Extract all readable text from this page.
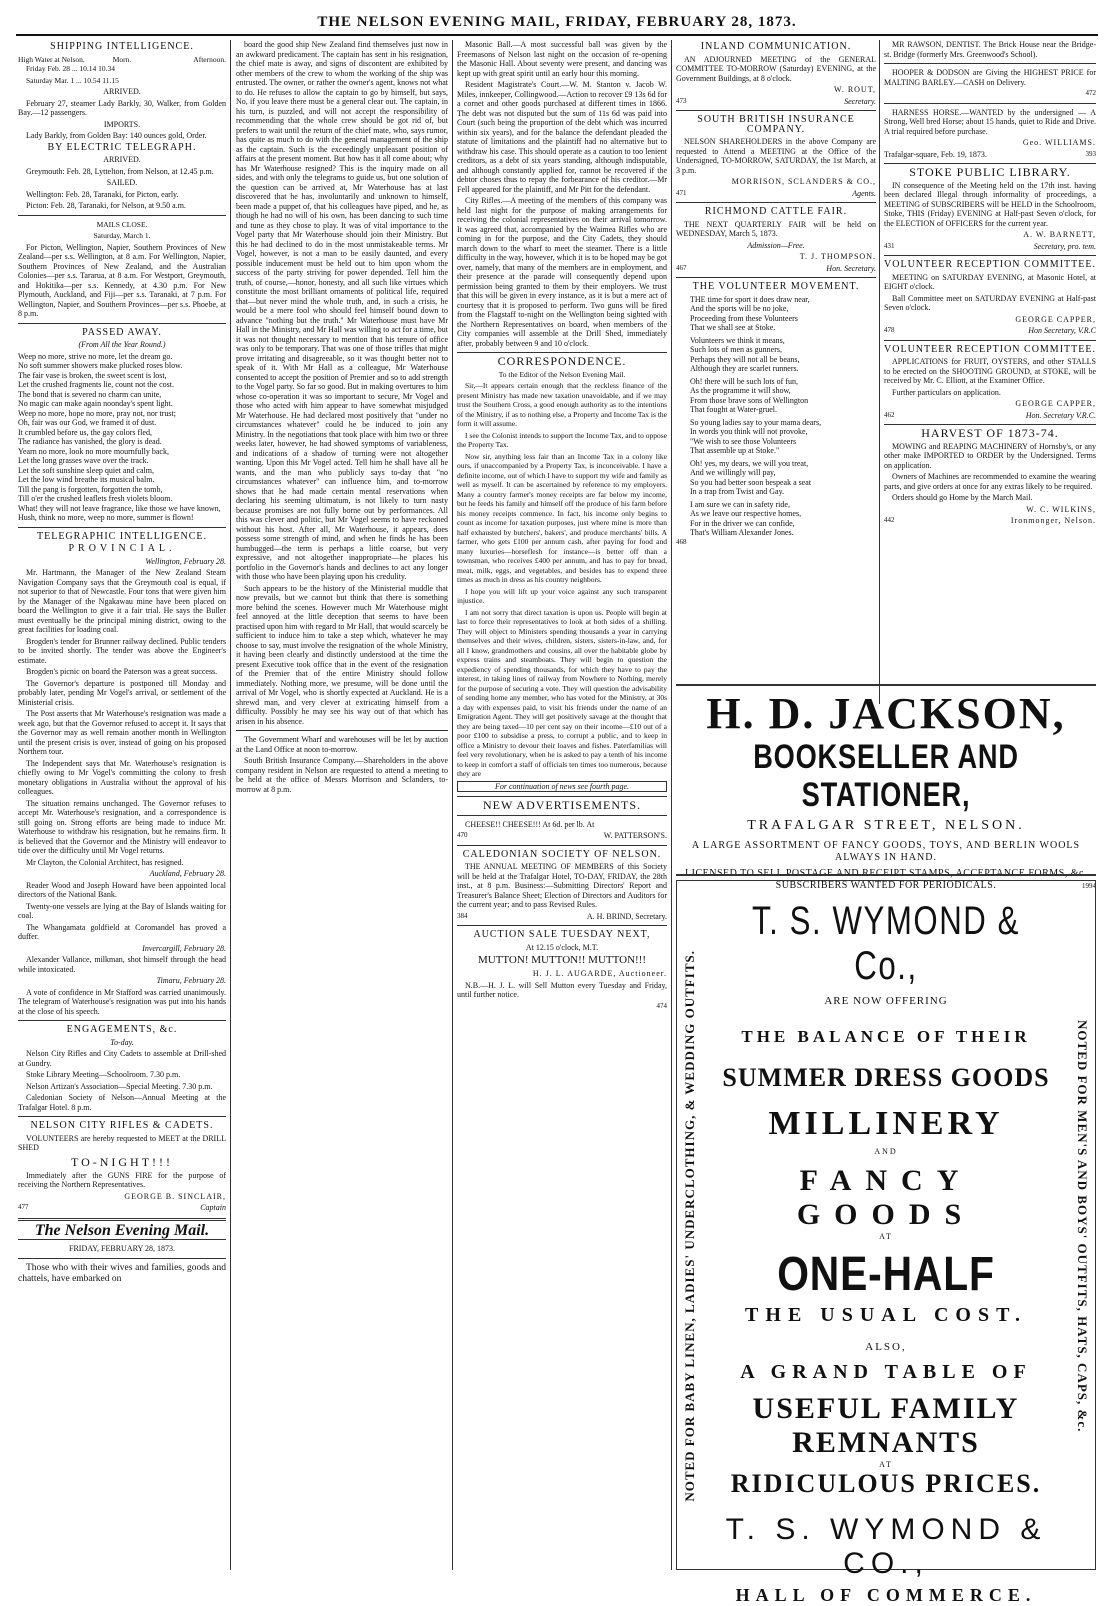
THE NELSON EVENING MAIL, FRIDAY, FEBRUARY 28, 1873.
SHIPPING INTELLIGENCE.
High Water at Nelson.	Morn.	Afternoon.

Friday Feb. 28 ... 10.14 10.34

Saturday Mar. 1 ... 10.54 11.15

ARRIVED.

February 27, steamer Lady Barkly, 30, Walker, from Golden Bay.—12 passengers.

IMPORTS.

Lady Barkly, from Golden Bay: 140 ounces gold, Order.

BY ELECTRIC TELEGRAPH.

ARRIVED.

Greymouth: Feb. 28, Lyttelton, from Nelson, at 12.45 p.m.

SAILED.

Wellington: Feb. 28, Taranaki, for Picton, early.

Picton: Feb. 28, Taranaki, for Nelson, at 9.50 a.m.

MAILS CLOSE.

Saturday, March 1.

For Picton, Wellington, Napier, Southern Provinces of New Zealand—per s.s. Wellington, at 8 a.m. For Wellington, Napier, Southern Provinces of New Zealand, and the Australian Colonies—per s.s. Tararua, at 8 a.m. For Westport, Greymouth, and Hokitika—per s.s. Kennedy, at 4.30 p.m. For New Plymouth, Auckland, and Fiji—per s.s. Taranaki, at 7 p.m. For Wellington, Napier, and Southern Provinces—per s.s. Phoebe, at 8 p.m.

PASSED AWAY.

(From All the Year Round.)

Weep no more, strive no more, let the dream go.

No soft summer showers make plucked roses blow.

The fair vase is broken, the sweet scent is lost,

Let the crushed fragments lie, count not the cost.

The bond that is severed no charm can unite,

No magic can make again noonday's spent light.

Weep no more, hope no more, pray not, nor trust;

Oh, fair was our God, we framed it of dust.

It crumbled before us, the gay colors fled,

The radiance has vanished, the glory is dead.

Yearn no more, look no more mournfully back,

Let the long grasses wave over the track.

Let the soft sunshine sleep quiet and calm,

Let the low wind breathe its musical balm.

Till the pang is forgotten, forgotten the tomb,

Till o'er the crushed leaflets fresh violets bloom.

What! they will not leave fragrance, like those we have known,

Hush, think no more, weep no more, summer is flown!

TELEGRAPHIC INTELLIGENCE.
PROVINCIAL.

Wellington, February 28.

Mr. Hartmann, the Manager of the New Zealand Steam Navigation Company says that the Greymouth coal is equal, if not superior to that of Newcastle. Four tons that were given him by the Manager of the Ngakawau mine have been placed on board the Wellington to give it a fair trial. He says the Buller must eventually be the principal mining district, owing to the great facilities for loading coal.

Brogden's tender for Brunner railway declined. Public tenders to be invited shortly. The tender was above the Engineer's estimate.

Brogden's picnic on board the Paterson was a great success.

The Governor's departure is postponed till Monday and probably later, pending Mr Vogel's arrival, or settlement of the Ministerial crisis.

The Post asserts that Mr Waterhouse's resignation was made a week ago, but that the Governor refused to accept it. It says that the Governor may as well remain another month in Wellington until the present crisis is over, instead of going on his proposed Northern tour.

The Independent says that Mr. Waterhouse's resignation is chiefly owing to Mr Vogel's committing the colony to fresh monetary obligations in Australia without the approval of his colleagues.

The situation remains unchanged. The Governor refuses to accept Mr. Waterhouse's resignation, and a correspondence is still going on. Strong efforts are being made to induce Mr. Waterhouse to withdraw his resignation, but he remains firm. It is believed that the Governor and the Ministry will endeavor to tide over the difficulty until Mr Vogel returns.

Mr Clayton, the Colonial Architect, has resigned.

Auckland, February 28.

Reader Wood and Joseph Howard have been appointed local directors of the National Bank.

Twenty-one vessels are lying at the Bay of Islands waiting for coal.

The Whangamata goldfield at Coromandel has proved a duffer.

Invercargill, February 28.

Alexander Vallance, milkman, shot himself through the head while intoxicated.

Timaru, February 28.

A vote of confidence in Mr Stafford was carried unanimously. The telegram of Waterhouse's resignation was put into his hands at the close of his speech.

ENGAGEMENTS, &c.

To-day.

Nelson City Rifles and City Cadets to assemble at Drill-shed at Gundry.

Stoke Library Meeting—Schoolroom. 7.30 p.m.

Nelson Artizan's Association—Special Meeting. 7.30 p.m.

Caledonian Society of Nelson—Annual Meeting at the Trafalgar Hotel. 8 p.m.

NELSON CITY RIFLES & CADETS.

VOLUNTEERS are hereby requested to MEET at the DRILL SHED

TO-NIGHT!!!

Immediately after the GUNS FIRE for the purpose of receiving the Northern Representatives.

GEORGE B. SINCLAIR,

477	Captain
The Nelson Evening Mail.

FRIDAY, FEBRUARY 28, 1873.

Those who with their wives and families, goods and chattels, have embarked on

board the good ship New Zealand find themselves just now in an awkward predicament. The captain has sent in his resignation, the chief mate is away, and signs of discontent are exhibited by other members of the crew to whom the working of the ship was entrusted. The owner, or rather the owner's agent, knows not what to do. He refuses to allow the captain to go by himself, but says, No, if you leave there must be a general clear out. The captain, in his turn, is puzzled, and will not accept the responsibility of recommending that the whole crew should be got rid of, but prefers to wait until the return of the chief mate, who, says rumor, has quite as much to do with the general management of the ship as the captain. Such is the exceedingly unpleasant position of affairs at the present moment. But how has it all come about; why has Mr Waterhouse resigned? This is the inquiry made on all sides, and with only the telegrams to guide us, but one solution of the question can be arrived at, Mr Waterhouse has at last discovered that he has, involuntarily and unknown to himself, been made a puppet of, that his colleagues have piped, and he, as though he had no will of his own, has been dancing to such time and tune as they chose to play. It was of vital importance to the Vogel party that Mr Waterhouse should join their Ministry. But this he had declined to do in the most unmistakeable terms. Mr Vogel, however, is not a man to be easily daunted, and every possible inducement must be held out to him upon whom the success of the party striving for power depended. Tell him the truth, of course,—honor, honesty, and all such like virtues which constitute the most brilliant ornaments of political life, required that—but never mind the whole truth, and, in such a crisis, he would be a mere fool who should feel himself bound down to advance "nothing but the truth." Mr Waterhouse must have Mr Hall in the Ministry, and Mr Hall was willing to act for a time, but it was not thought necessary to mention that his tenure of office was only to be temporary. That was one of those trifles that might prove irritating and disagreeable, so it was thought better not to speak of it. With Mr Hall as a colleague, Mr Waterhouse consented to accept the position of Premier and so to add strength to the Vogel party. So far so good. But in making overtures to him whose co-operation it was so important to secure, Mr Vogel and those who acted with him appear to have somewhat misjudged Mr Waterhouse. He had declared most positively that "under no circumstances whatever" could he be induced to join any Ministry. In the negotiations that took place with him two or three weeks later, however, he had showed symptoms of variableness, and indications of a shadow of turning were not altogether wanting. Upon this Mr Vogel acted. Tell him he shall have all he wants, and the man who publicly says to-day that "no circumstances whatever" can influence him, and to-morrow shows that he had made certain mental reservations when declaring his seeming ultimatum, is not likely to turn nasty because promises are not fully borne out by performances. All this was clever and politic, but Mr Vogel seems to have reckoned without his host. After all, Mr Waterhouse, it appears, does possess some strength of mind, and when he finds he has been humbugged—the term is perhaps a little coarse, but very expressive, and not altogether inappropriate—he places his portfolio in the Governor's hands and declines to act any longer with those who have been playing upon his credulity.

Such appears to be the history of the Ministerial muddle that now prevails, but we cannot but think that there is something more behind the scenes. However much Mr Waterhouse might feel annoyed at the little deception that seems to have been practised upon him with regard to Mr Hall, that would scarcely be sufficient to induce him to take a step which, whatever he may choose to say, must involve the resignation of the whole Ministry, it having been clearly and distinctly understood at the time the present Executive took office that in the event of the resignation of the Premier that of the entire Ministry should follow immediately. Nothing more, we presume, will be done until the arrival of Mr Vogel, who is shortly expected at Auckland. He is a shrewd man, and very clever at extricating himself from a difficulty. Possibly he may see his way out of that which has arisen in his absence.

The Government Wharf and warehouses will be let by auction at the Land Office at noon to-morrow.

South British Insurance Company.—Shareholders in the above company resident in Nelson are requested to attend a meeting to be held at the office of Messrs Morrison and Sclanders, to-morrow at 8 p.m.

Masonic Ball.—A most successful ball was given by the Freemasons of Nelson last night on the occasion of re-opening the Masonic Hall. About seventy were present, and dancing was kept up with great spirit until an early hour this morning.

Resident Magistrate's Court.—W. M. Stanton v. Jacob W. Miles, innkeeper, Collingwood.—Action to recover £9 13s 6d for a cornet and other goods purchased at different times in 1866. The debt was not disputed but the sum of 11s 6d was paid into Court (such being the proportion of the debt which was incurred within six years), and for the balance the defendant pleaded the statute of limitations and the plaintiff had no alternative but to withdraw his case. This should operate as a caution to too lenient creditors, as a debt of six years standing, although indisputable, and although constantly applied for, cannot be recovered if the debtor choses thus to repay the forbearance of his creditor.—Mr Fell appeared for the plaintiff, and Mr Pitt for the defendant.

City Rifles.—A meeting of the members of this company was held last night for the purpose of making arrangements for receiving the colonial representatives on their arrival tomorrow. It was agreed that, accompanied by the Waimea Rifles who are coming in for the purpose, and the City Cadets, they should march down to the wharf to meet the steamer. There is a little difficulty in the way, however, which it is to be hoped may be got over, namely, that many of the members are in employment, and their presence at the parade will consequently depend upon permission being granted to them by their employers. We trust that this will be given in every instance, as it is but a mere act of courtesy that it is proposed to perform. Two guns will be fired from the Flagstaff to-night on the Wellington being sighted with the Northern Representatives on board, when members of the City companies will assemble at the Drill Shed, immediately after, probably between 9 and 10 o'clock.

CORRESPONDENCE.

To the Editor of the Nelson Evening Mail.

Sir,—It appears certain enough that the reckless finance of the present Ministry has made new taxation unavoidable, and if we may trust the Southern Cross, a good enough authority as to the intentions of the Ministry, if as to nothing else, a Property and Income Tax is the form it will assume.

I see the Colonist intends to support the Income Tax, and to oppose the Property Tax.

Now sir, anything less fair than an Income Tax in a colony like ours, if unaccompanied by a Property Tax, is inconceivable. I have a definite income, out of which I have to support my wife and family as well as myself. It can be ascertained by reference to my employers. Many a country farmer's money receipts are far below my income, but he feeds his family and himself off the produce of his farm before his money receipts commence. In fact, his income only begins to count as income for taxation purposes, just where mine is more than half exhausted by butchers', bakers', and produce merchants' bills. A farmer, who gets £100 per annum cash, after paying for food and many luxuries—horseflesh for instance—is better off than a townsman, who receives £400 per annum, and has to pay for bread, meat, milk, eggs, and vegetables, and besides has to expend three times as much in dress as his country neighbors.

I hope you will lift up your voice against any such transparent injustice.

I am not sorry that direct taxation is upon us. People will begin at last to force their representatives to look at both sides of a shilling. They will object to Ministers spending thousands a year in carrying themselves and their wives, children, sisters, sisters-in-law, and, for all I know, grandmothers and cousins, all over the habitable globe by express trains and steamboats. They will begin to question the expediency of spending thousands, for which they have to pay the interest, in taking lines of railway from Nowhere to Nothing, merely for the purpose of securing a vote. They will question the advisability of sending home any member, who has voted for the Ministry, at 30s a day with expenses paid, to visit his friends under the name of an Emigration Agent. They will get positively savage at the thought that they are being taxed—10 per cent say on their income—£10 out of a poor £100 to subsidise a press, to corrupt a public, and to keep in office a Ministry to devour their loaves and fishes. Paterfamilias will feel very revolutionary, when he is asked to pay a tenth of his income to keep in comfort a staff of officials ten times too numerous, because they are

For continuation of news see fourth page.

NEW ADVERTISEMENTS.

CHEESE!! CHEESE!!! At 6d. per lb. At

470	W. PATTERSON'S.
CALEDONIAN SOCIETY OF NELSON.

THE ANNUAL MEETING OF MEMBERS of this Society will be held at the Trafalgar Hotel, TO-DAY, FRIDAY, the 28th inst., at 8 p.m. Business:—Submitting Directors' Report and Treasurer's Balance Sheet; Election of Directors and Auditors for the current year; and to pass Revised Rules.

384	A. H. BRIND, Secretary.
AUCTION SALE TUESDAY NEXT,

At 12.15 o'clock, M.T.

MUTTON! MUTTON!! MUTTON!!!

H. J. L. AUGARDE, Auctioneer.

N.B.—H. J. L. will Sell Mutton every Tuesday and Friday, until further notice.

474

INLAND COMMUNICATION.

AN ADJOURNED MEETING of the GENERAL COMMITTEE TO-MORROW (Saturday) EVENING, at the Government Buildings, at 8 o'clock.

W. ROUT,

473	Secretary.
SOUTH BRITISH INSURANCE COMPANY.

NELSON SHAREHOLDERS in the above Company are requested to Attend a MEETING at the Office of the Undersigned, TO-MORROW, SATURDAY, the 1st March, at 3 p.m.

MORRISON, SCLANDERS & CO.,

471	Agents.
RICHMOND CATTLE FAIR.

THE NEXT QUARTERLY FAIR will be held on WEDNESDAY, March 5, 1873.

Admission—Free.

T. J. THOMPSON.

467	Hon. Secretary.
THE VOLUNTEER MOVEMENT.

THE time for sport it does draw near,

And the sports will be no joke,

Proceeding from these Volunteers

That we shall see at Stoke.

Volunteers we think it means,

Such lots of men as gunners,

Perhaps they will not all be beans,

Although they are scarlet runners.

Oh! there will be such lots of fun,

As the programme it will show,

From those brave sons of Wellington

That fought at Water-gruel.

So young ladies say to your mama dears,

In words you think will not provoke,

"We wish to see those Volunteers

That assemble up at Stoke."

Oh! yes, my dears, we will you treat,

And we willingly will pay,

So you had better soon bespeak a seat

In a trap from Twist and Gay.

I am sure we can in safety ride,

As we leave our respective homes,

For in the driver we can confide,

That's William Alexander Jones.

468

MR RAWSON, DENTIST. The Brick House near the Bridge-st. Bridge (formerly Mrs. Greenwood's School).

HOOPER & DODSON are Giving the HIGHEST PRICE for MALTING BARLEY.—CASH on Delivery.

472

HARNESS HORSE.—WANTED by the undersigned — A Strong, Well bred Horse; about 15 hands, quiet to Ride and Drive. A trial required before purchase.

Geo. WILLIAMS.

Trafalgar-square, Feb. 19, 1873.	393
STOKE PUBLIC LIBRARY.

IN consequence of the Meeting held on the 17th inst. having been declared Illegal through informality of proceedings, a MEETING of SUBSCRIBERS will be HELD in the Schoolroom, Stoke, THIS (Friday) EVENING at Half-past Seven o'clock, for the ELECTION of OFFICERS for the current year.

A. W. BARNETT,

431	Secretary, pro. tem.
VOLUNTEER RECEPTION COMMITTEE.

MEETING on SATURDAY EVENING, at Masonic Hotel, at EIGHT o'clock.

Ball Committee meet on SATURDAY EVENING at Half-past Seven o'clock.

GEORGE CAPPER,

478	Hon Secretary, V.R.C
VOLUNTEER RECEPTION COMMITTEE.

APPLICATIONS for FRUIT, OYSTERS, and other STALLS to be erected on the SHOOTING GROUND, at STOKE, will be received by Mr. C. Elliott, at the Examiner Office.

Further particulars on application.

GEORGE CAPPER,

462	Hon. Secretary V.R.C.
HARVEST OF 1873-74.

MOWING and REAPING MACHINERY of Hornsby's, or any other make IMPORTED to ORDER by the Undersigned. Terms on application.

Owners of Machines are recommended to examine the wearing parts, and give orders at once for any extras likely to be required.

Orders should go Home by the March Mail.

W. C. WILKINS,

442	Ironmonger, Nelson.
H. D. JACKSON,
BOOKSELLER AND STATIONER,
TRAFALGAR STREET, NELSON.
A LARGE ASSORTMENT OF FANCY GOODS, TOYS, AND BERLIN WOOLS ALWAYS IN HAND.
LICENSED TO SELL POSTAGE AND RECEIPT STAMPS, ACCEPTANCE FORMS, &c. SUBSCRIBERS WANTED FOR PERIODICALS.	1994
NOTED FOR BABY LINEN, LADIES' UNDERCLOTHING, & WEDDING OUTFITS.	NOTED FOR MEN'S AND BOYS' OUTFITS, HATS, CAPS, &c.
T. S. WYMOND & Co.,
ARE NOW OFFERING
THE BALANCE OF THEIR
SUMMER DRESS GOODS
MILLINERY
AND
FANCY GOODS
AT
ONE-HALF
THE USUAL COST.
ALSO,
A GRAND TABLE OF
USEFUL FAMILY REMNANTS
AT
RIDICULOUS PRICES.
T. S. WYMOND & CO.,
HALL OF COMMERCE.
